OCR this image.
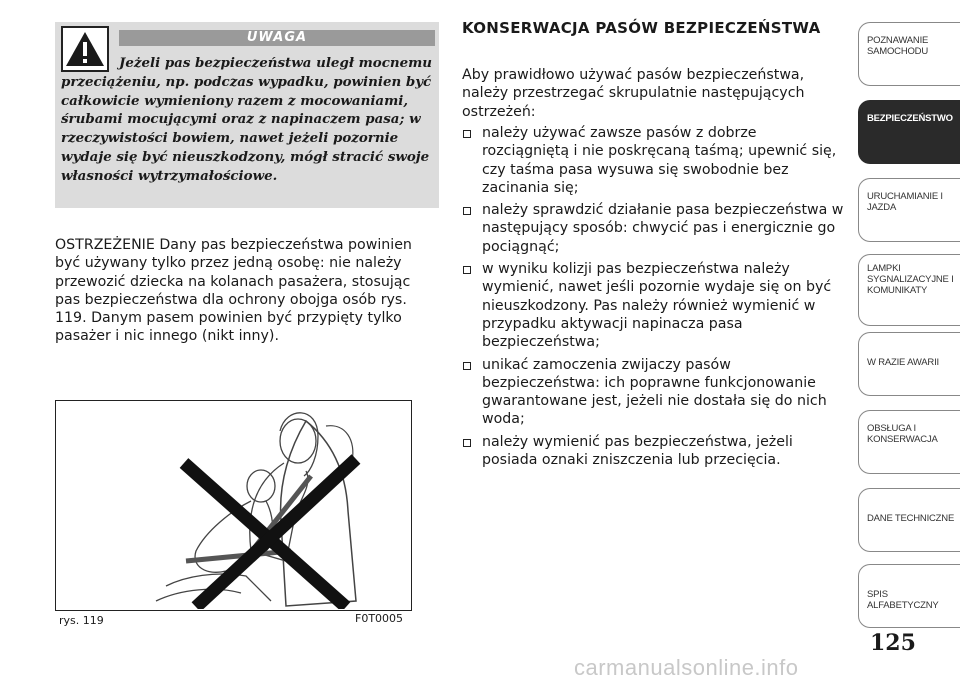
UWAGA

Jeżeli pas bezpieczeństwa uległ mocnemu przeciążeniu, np. podczas wypadku, powinien być całkowicie wymieniony razem z mocowaniami, śrubami mocującymi oraz z napinaczem pasa; w rzeczywistości bowiem, nawet jeżeli pozornie wydaje się być nieuszkodzony, mógł stracić swoje własności wytrzymałościowe.

OSTRZEŻENIE Dany pas bezpieczeństwa powinien być używany tylko przez jedną osobę: nie należy przewozić dziecka na kolanach pasażera, stosując pas bezpieczeństwa dla ochrony obojga osób rys. 119. Danym pasem powinien być przypięty tylko pasażer i nic innego (nikt inny).

rys. 119	F0T0005
KONSERWACJA PASÓW BEZPIECZEŃSTWA

Aby prawidłowo używać pasów bezpieczeństwa, należy przestrzegać skrupulatnie następujących ostrzeżeń:

należy używać zawsze pasów z dobrze rozciągniętą i nie poskręcaną taśmą; upewnić się, czy taśma pasa wysuwa się swobodnie bez zacinania się;
należy sprawdzić działanie pasa bezpieczeństwa w następujący sposób: chwycić pas i energicznie go pociągnąć;
w wyniku kolizji pas bezpieczeństwa należy wymienić, nawet jeśli pozornie wydaje się on być nieuszkodzony. Pas należy również wymienić w przypadku aktywacji napinacza pasa bezpieczeństwa;
unikać zamoczenia zwijaczy pasów bezpieczeństwa: ich poprawne funkcjonowanie gwarantowane jest, jeżeli nie dostała się do nich woda;
należy wymienić pas bezpieczeństwa, jeżeli posiada oznaki zniszczenia lub przecięcia.
POZNAWANIE SAMOCHODU
BEZPIECZEŃSTWO
URUCHAMIANIE I JAZDA
LAMPKI SYGNALIZACYJNE I KOMUNIKATY
W RAZIE AWARII
OBSŁUGA I KONSERWACJA
DANE TECHNICZNE
SPIS ALFABETYCZNY
125
carmanualsonline.info
